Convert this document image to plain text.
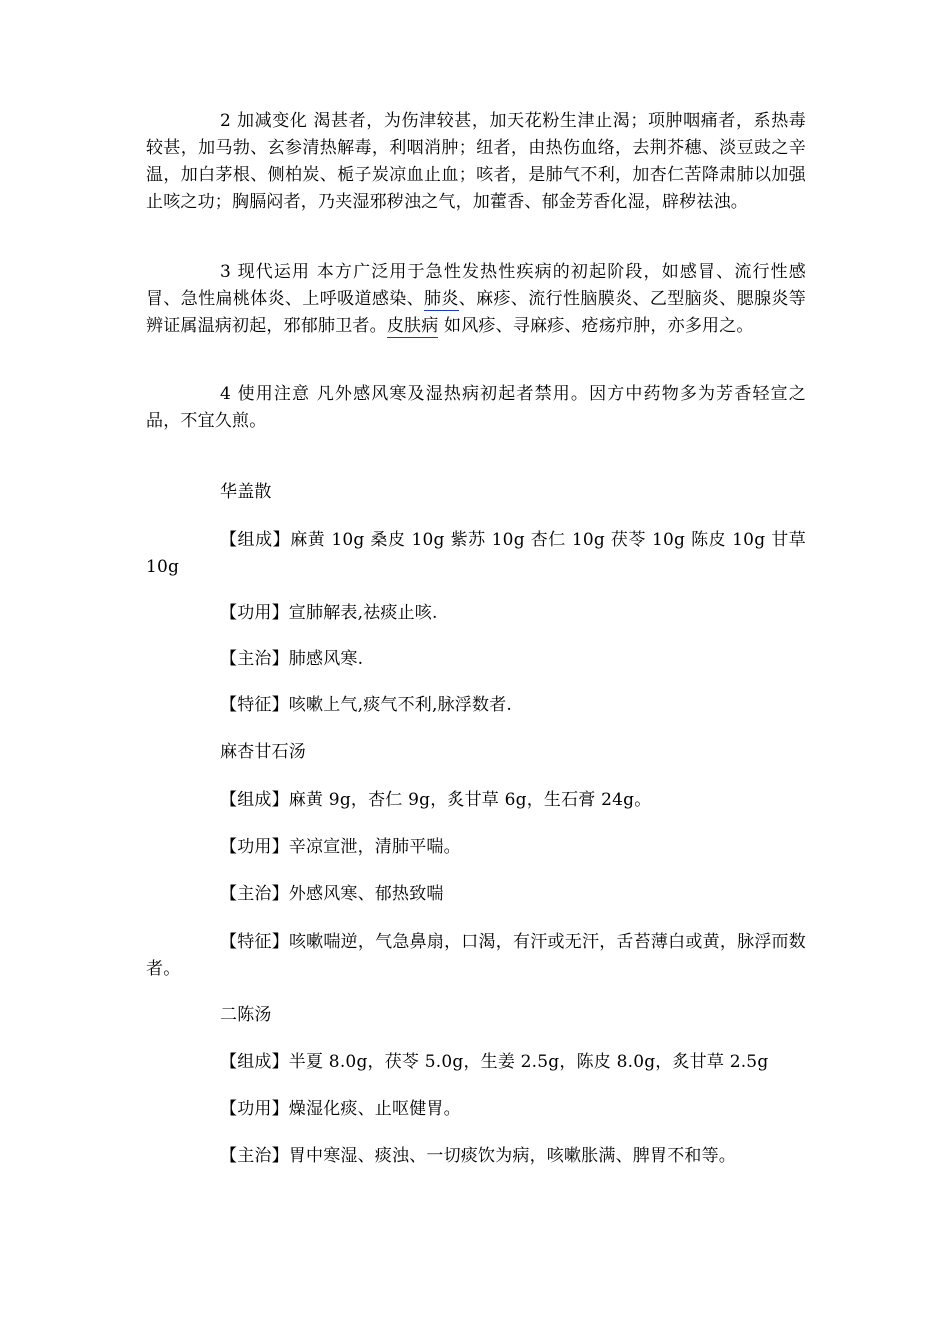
2 加减变化 渴甚者，为伤津较甚，加天花粉生津止渴；项肿咽痛者，系热毒较甚，加马勃、玄参清热解毒，利咽消肿；纽者，由热伤血络，去荆芥穗、淡豆豉之辛温，加白茅根、侧柏炭、栀子炭凉血止血；咳者，是肺气不利，加杏仁苦降肃肺以加强止咳之功；胸膈闷者，乃夹湿邪秽浊之气，加藿香、郁金芳香化湿，辟秽祛浊。

3 现代运用 本方广泛用于急性发热性疾病的初起阶段，如感冒、流行性感冒、急性扁桃体炎、上呼吸道感染、肺炎、麻疹、流行性脑膜炎、乙型脑炎、腮腺炎等辨证属温病初起，邪郁肺卫者。皮肤病 如风疹、寻麻疹、疮疡疖肿，亦多用之。

4 使用注意 凡外感风寒及湿热病初起者禁用。因方中药物多为芳香轻宣之品，不宜久煎。

华盖散

【组成】麻黄 10g 桑皮 10g 紫苏 10g 杏仁 10g 茯苓 10g 陈皮 10g 甘草 10g

【功用】宣肺解表,祛痰止咳.

【主治】肺感风寒.

【特征】咳嗽上气,痰气不利,脉浮数者.

麻杏甘石汤

【组成】麻黄 9g，杏仁 9g，炙甘草 6g，生石膏 24g。

【功用】辛凉宣泄，清肺平喘。

【主治】外感风寒、郁热致喘

【特征】咳嗽喘逆，气急鼻扇，口渴，有汗或无汗，舌苔薄白或黄，脉浮而数者。

二陈汤

【组成】半夏 8.0g，茯苓 5.0g，生姜 2.5g，陈皮 8.0g，炙甘草 2.5g

【功用】燥湿化痰、止呕健胃。

【主治】胃中寒湿、痰浊、一切痰饮为病，咳嗽胀满、脾胃不和等。
